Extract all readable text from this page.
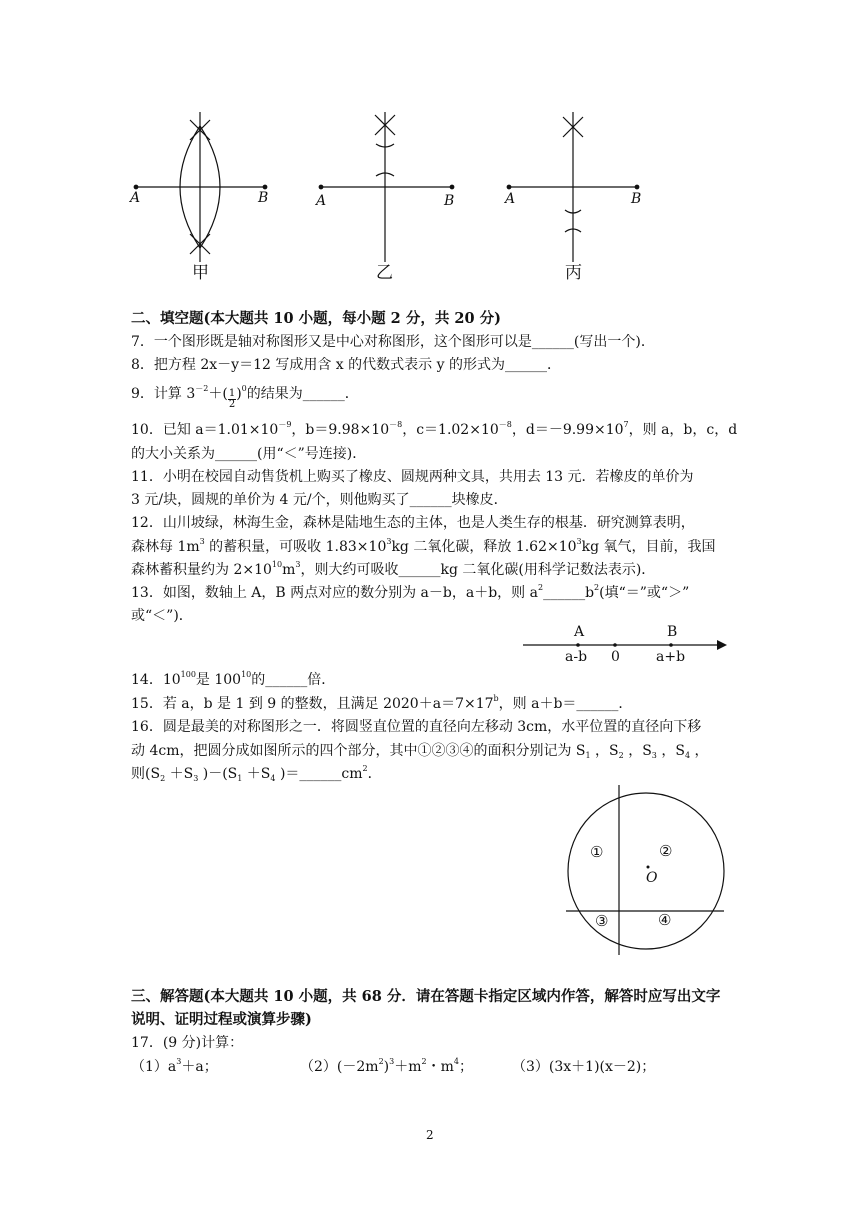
A	B
甲
A	B
乙
A	B
丙
二、填空题(本大题共 10 小题，每小题 2 分，共 20 分)
7．一个图形既是轴对称图形又是中心对称图形，这个图形可以是______(写出一个)．
8．把方程 2x－y＝12 写成用含 x 的代数式表示 y 的形式为______．
9．计算 $3^{-2}+( \frac{1}{2} )^0$的结果为______．
10．已知 $a=1.01\times 10^{-9}$，$b=9.98\times 10^{-8}$，$c=1.02\times 10^{-8}$，$d=-9.99\times 10^7$，则 a，b，c，d
的大小关系为______(用“＜”号连接)．
11．小明在校园自动售货机上购买了橡皮、圆规两种文具，共用去 13 元．若橡皮的单价为
3 元/块，圆规的单价为 4 元/个，则他购买了______块橡皮．
12．山川坡绿，林海生金，森林是陆地生态的主体，也是人类生存的根基．研究测算表明，
森林每 $1m^3$ 的蓄积量，可吸收 $1.83\times 10^3kg$ 二氧化碳，释放 $1.62\times 10^3kg$ 氧气，目前，我国
森林蓄积量约为 $2\times 10^{10}m^3$，则大约可吸收______kg 二氧化碳(用科学记数法表示)．
13．如图，数轴上 A，B 两点对应的数分别为 a－b，a＋b，则 $a^2\_\_\_\_\_\_b^2$(填“＝”或“＞”
或“＜”)．
A	B
a-b 0	a+b
14．$10^{100}$是 $100^{10}$的______倍．
15．若 a，b 是 1 到 9 的整数，且满足 $2020+a=7\times 17^b$，则 a＋b＝______．
16．圆是最美的对称图形之一．将圆竖直位置的直径向左移动 3cm，水平位置的直径向下移
动 4cm，把圆分成如图所示的四个部分，其中①②③④的面积分别记为 $S_1$ ，$S_2$ ，$S_3$ ，$S_4$ ，
则($S_2 +S_3$ )$-(S_1 +S_4$ )$=\_\_\_\_\_\_cm^2$．
①	②
③	④
O
三、解答题(本大题共 10 小题，共 68 分．请在答题卡指定区域内作答，解答时应写出文字
说明、证明过程或演算步骤)
17．(9 分)计算：
$(1)a^3+a$；	$(2)(-2m^2)^3+m^2$・$m^4$；	（3）(3x＋1)(x－2)；
2
